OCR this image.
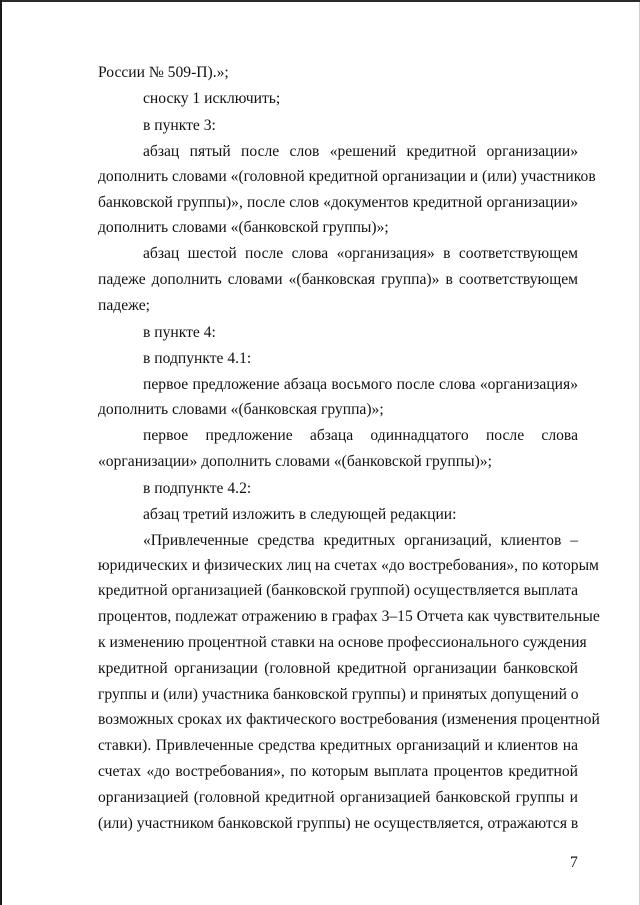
России № 509-П).»;
сноску 1 исключить;
в пункте 3:
абзац пятый после слов «решений кредитной организации»
дополнить словами «(головной кредитной организации и (или) участников
банковской группы)», после слов «документов кредитной организации»
дополнить словами «(банковской группы)»;
абзац шестой после слова «организация» в соответствующем
падеже дополнить словами «(банковская группа)» в соответствующем
падеже;
в пункте 4:
в подпункте 4.1:
первое предложение абзаца восьмого после слова «организация»
дополнить словами «(банковская группа)»;
первое предложение абзаца одиннадцатого после слова
«организации» дополнить словами «(банковской группы)»;
в подпункте 4.2:
абзац третий изложить в следующей редакции:
«Привлеченные средства кредитных организаций, клиентов –
юридических и физических лиц на счетах «до востребования», по которым
кредитной организацией (банковской группой) осуществляется выплата
процентов, подлежат отражению в графах 3–15 Отчета как чувствительные
к изменению процентной ставки на основе профессионального суждения
кредитной организации (головной кредитной организации банковской
группы и (или) участника банковской группы) и принятых допущений о
возможных сроках их фактического востребования (изменения процентной
ставки). Привлеченные средства кредитных организаций и клиентов на
счетах «до востребования», по которым выплата процентов кредитной
организацией (головной кредитной организацией банковской группы и
(или) участником банковской группы) не осуществляется, отражаются в
7
